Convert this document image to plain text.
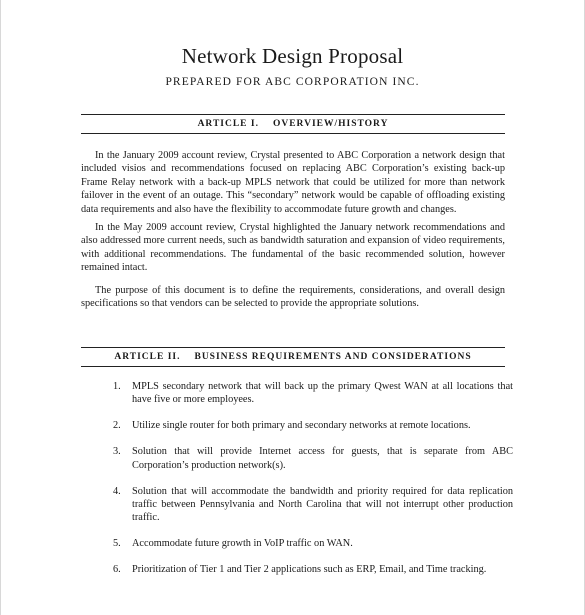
Network Design Proposal
PREPARED FOR ABC CORPORATION INC.
ARTICLE I. OVERVIEW/HISTORY

In the January 2009 account review, Crystal presented to ABC Corporation a network design that included visios and recommendations focused on replacing ABC Corporation’s existing back-up Frame Relay network with a back-up MPLS network that could be utilized for more than network failover in the event of an outage. This “secondary” network would be capable of offloading existing data requirements and also have the flexibility to accommodate future growth and changes.

In the May 2009 account review, Crystal highlighted the January network recommendations and also addressed more current needs, such as bandwidth saturation and expansion of video requirements, with additional recommendations. The fundamental of the basic recommended solution, however remained intact.

The purpose of this document is to define the requirements, considerations, and overall design specifications so that vendors can be selected to provide the appropriate solutions.

ARTICLE II. BUSINESS REQUIREMENTS AND CONSIDERATIONS
1. MPLS secondary network that will back up the primary Qwest WAN at all locations that have five or more employees.
2. Utilize single router for both primary and secondary networks at remote locations.
3. Solution that will provide Internet access for guests, that is separate from ABC Corporation’s production network(s).
4. Solution that will accommodate the bandwidth and priority required for data replication traffic between Pennsylvania and North Carolina that will not interrupt other production traffic.
5. Accommodate future growth in VoIP traffic on WAN.
6. Prioritization of Tier 1 and Tier 2 applications such as ERP, Email, and Time tracking.
